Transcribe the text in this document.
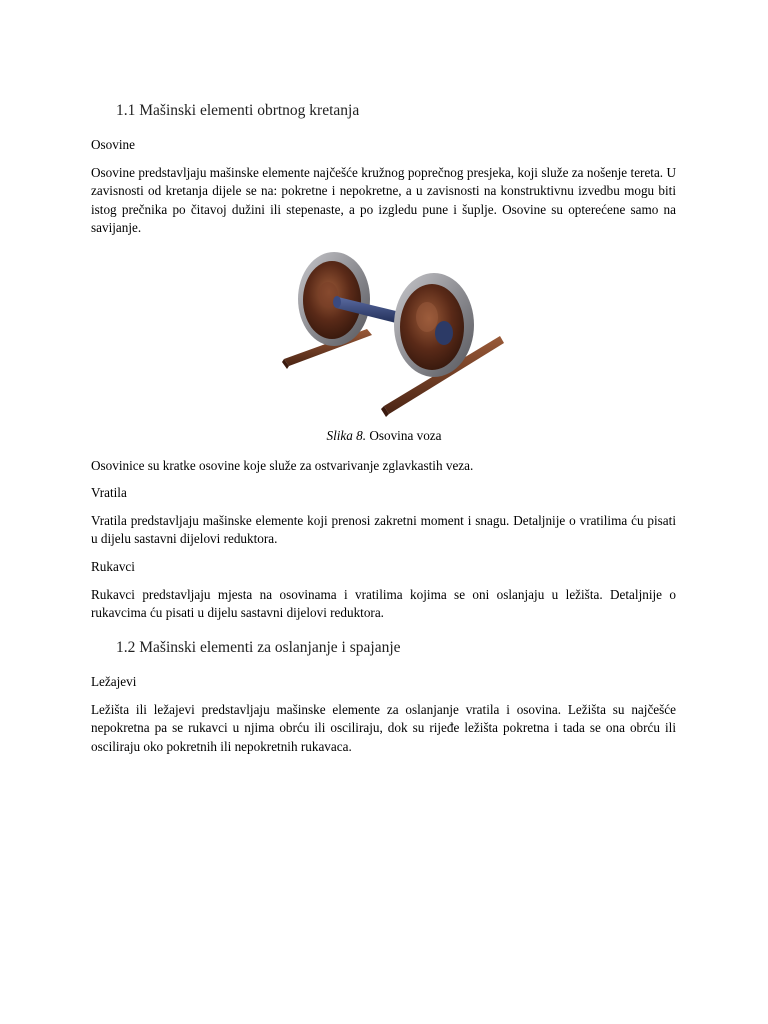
1.1 Mašinski elementi obrtnog kretanja
Osovine
Osovine predstavljaju mašinske elemente najčešće kružnog poprečnog presjeka, koji služe za nošenje tereta. U zavisnosti od kretanja dijele se na: pokretne i nepokretne, a u zavisnosti na konstruktivnu izvedbu mogu biti istog prečnika po čitavoj dužini ili stepenaste, a po izgledu pune i šuplje. Osovine su opterećene samo na savijanje.
Slika 8. Osovina voza
Osovinice su kratke osovine koje služe za ostvarivanje zglavkastih veza.
Vratila
Vratila predstavljaju mašinske elemente koji prenosi zakretni moment i snagu. Detaljnije o vratilima ću pisati u dijelu sastavni dijelovi reduktora.
Rukavci
Rukavci predstavljaju mjesta na osovinama i vratilima kojima se oni oslanjaju u ležišta. Detaljnije o rukavcima ću pisati u dijelu sastavni dijelovi reduktora.
1.2 Mašinski elementi za oslanjanje i spajanje
Ležajevi
Ležišta ili ležajevi predstavljaju mašinske elemente za oslanjanje vratila i osovina. Ležišta su najčešće nepokretna pa se rukavci u njima obrću ili osciliraju, dok su rijeđe ležišta pokretna i tada se ona obrću ili osciliraju oko pokretnih ili nepokretnih rukavaca.
